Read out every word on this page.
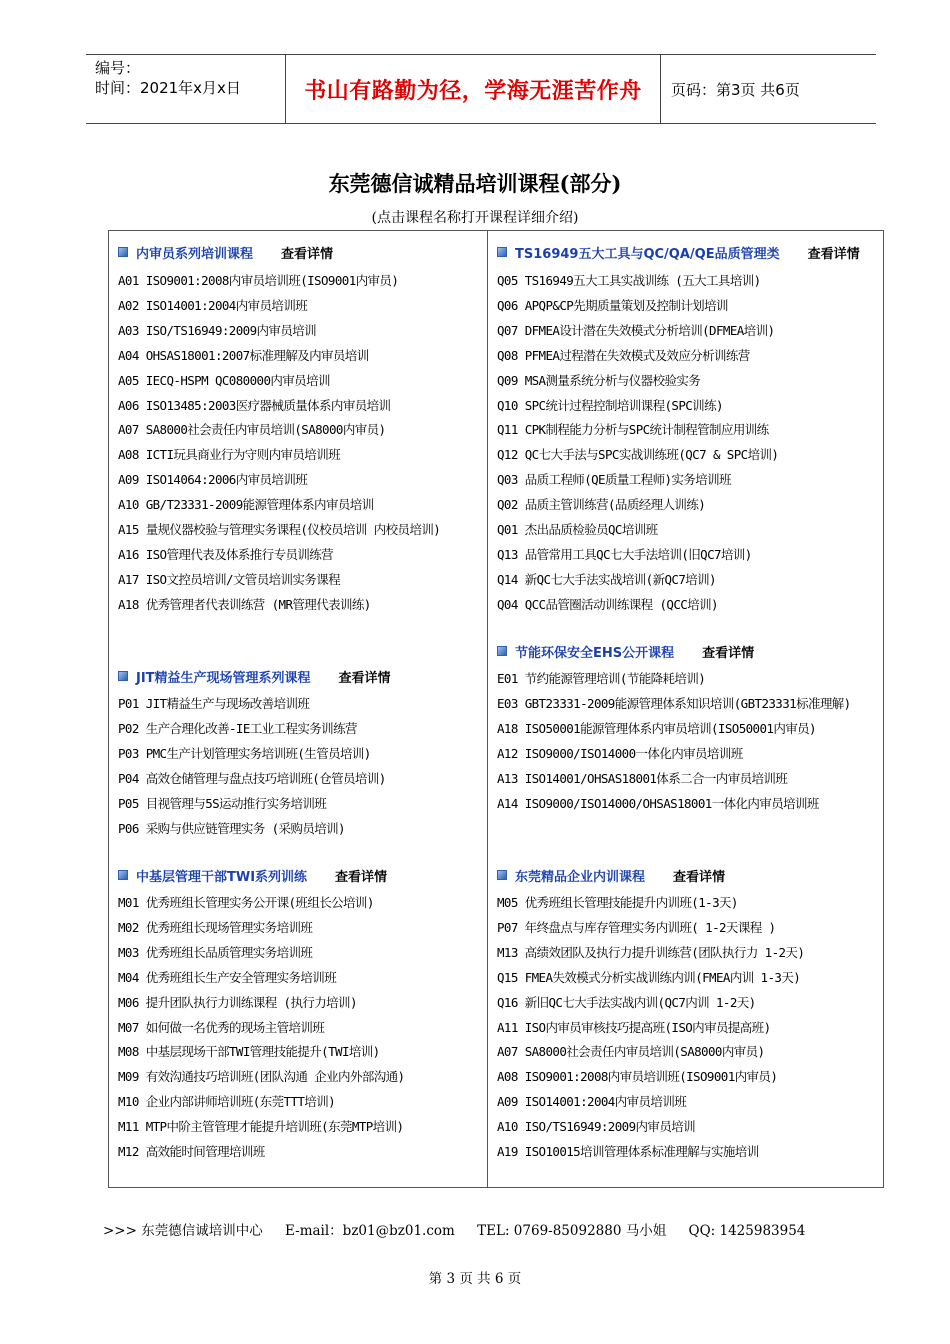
编号：
时间：2021年x月x日	书山有路勤为径，学海无涯苦作舟	页码：第3页 共6页
东莞德信诚精品培训课程(部分)
(点击课程名称打开课程详细介绍)
内审员系列培训课程 查看详情
A01 ISO9001:2008内审员培训班(ISO9001内审员)
A02 ISO14001:2004内审员培训班
A03 ISO/TS16949:2009内审员培训
A04 OHSAS18001:2007标准理解及内审员培训
A05 IECQ-HSPM QC080000内审员培训
A06 ISO13485:2003医疗器械质量体系内审员培训
A07 SA8000社会责任内审员培训(SA8000内审员)
A08 ICTI玩具商业行为守则内审员培训班
A09 ISO14064:2006内审员培训班
A10 GB/T23331-2009能源管理体系内审员培训
A15 量规仪器校验与管理实务课程(仪校员培训 内校员培训)
A16 ISO管理代表及体系推行专员训练营
A17 ISO文控员培训/文管员培训实务课程
A18 优秀管理者代表训练营 (MR管理代表训练)
JIT精益生产现场管理系列课程 查看详情
P01 JIT精益生产与现场改善培训班
P02 生产合理化改善-IE工业工程实务训练营
P03 PMC生产计划管理实务培训班(生管员培训)
P04 高效仓储管理与盘点技巧培训班(仓管员培训)
P05 目视管理与5S运动推行实务培训班
P06 采购与供应链管理实务 (采购员培训)
中基层管理干部TWI系列训练 查看详情
M01 优秀班组长管理实务公开课(班组长公培训)
M02 优秀班组长现场管理实务培训班
M03 优秀班组长品质管理实务培训班
M04 优秀班组长生产安全管理实务培训班
M06 提升团队执行力训练课程 (执行力培训)
M07 如何做一名优秀的现场主管培训班
M08 中基层现场干部TWI管理技能提升(TWI培训)
M09 有效沟通技巧培训班(团队沟通 企业内外部沟通)
M10 企业内部讲师培训班(东莞TTT培训)
M11 MTP中阶主管管理才能提升培训班(东莞MTP培训)
M12 高效能时间管理培训班
TS16949五大工具与QC/QA/QE品质管理类 查看详情
Q05 TS16949五大工具实战训练 (五大工具培训)
Q06 APQP&CP先期质量策划及控制计划培训
Q07 DFMEA设计潜在失效模式分析培训(DFMEA培训)
Q08 PFMEA过程潜在失效模式及效应分析训练营
Q09 MSA测量系统分析与仪器校验实务
Q10 SPC统计过程控制培训课程(SPC训练)
Q11 CPK制程能力分析与SPC统计制程管制应用训练
Q12 QC七大手法与SPC实战训练班(QC7 & SPC培训)
Q03 品质工程师(QE质量工程师)实务培训班
Q02 品质主管训练营(品质经理人训练)
Q01 杰出品质检验员QC培训班
Q13 品管常用工具QC七大手法培训(旧QC7培训)
Q14 新QC七大手法实战培训(新QC7培训)
Q04 QCC品管圈活动训练课程 (QCC培训)
节能环保安全EHS公开课程 查看详情
E01 节约能源管理培训(节能降耗培训)
E03 GBT23331-2009能源管理体系知识培训(GBT23331标准理解)
A18 ISO50001能源管理体系内审员培训(ISO50001内审员)
A12 ISO9000/ISO14000一体化内审员培训班
A13 ISO14001/OHSAS18001体系二合一内审员培训班
A14 ISO9000/ISO14000/OHSAS18001一体化内审员培训班
东莞精品企业内训课程 查看详情
M05 优秀班组长管理技能提升内训班(1-3天)
P07 年终盘点与库存管理实务内训班( 1-2天课程 )
M13 高绩效团队及执行力提升训练营(团队执行力 1-2天)
Q15 FMEA失效模式分析实战训练内训(FMEA内训 1-3天)
Q16 新旧QC七大手法实战内训(QC7内训 1-2天)
A11 ISO内审员审核技巧提高班(ISO内审员提高班)
A07 SA8000社会责任内审员培训(SA8000内审员)
A08 ISO9001:2008内审员培训班(ISO9001内审员)
A09 ISO14001:2004内审员培训班
A10 ISO/TS16949:2009内审员培训
A19 ISO10015培训管理体系标准理解与实施培训
>>> 东莞德信诚培训中心 E-mail：bz01@bz01.com TEL: 0769-85092880 马小姐 QQ: 1425983954
第 3 页 共 6 页
